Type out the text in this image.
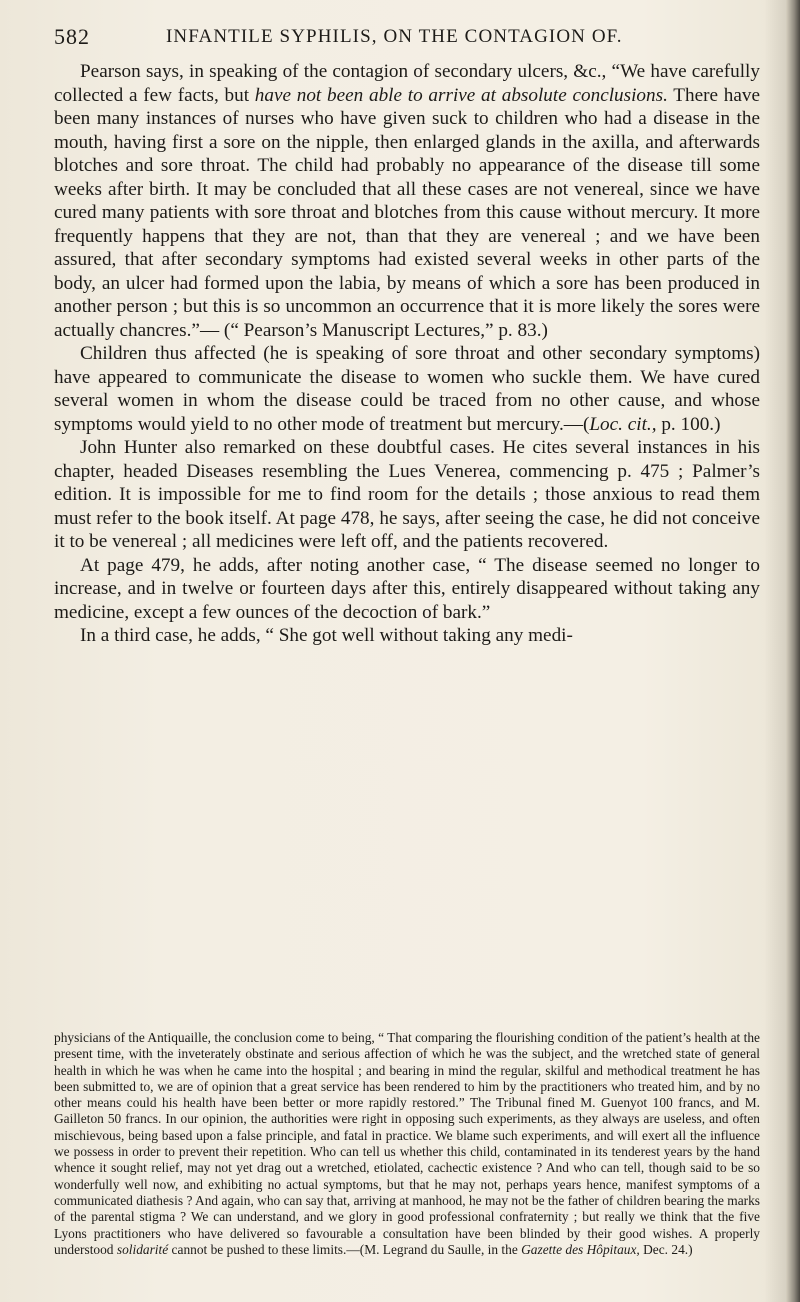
582	INFANTILE SYPHILIS, ON THE CONTAGION OF.

Pearson says, in speaking of the contagion of secondary ulcers, &c., “We have carefully collected a few facts, but have not been able to arrive at absolute conclusions. There have been many instances of nurses who have given suck to children who had a disease in the mouth, having first a sore on the nipple, then enlarged glands in the axilla, and afterwards blotches and sore throat. The child had probably no appearance of the disease till some weeks after birth. It may be concluded that all these cases are not venereal, since we have cured many patients with sore throat and blotches from this cause without mercury. It more frequently happens that they are not, than that they are venereal ; and we have been assured, that after secondary symptoms had existed several weeks in other parts of the body, an ulcer had formed upon the labia, by means of which a sore has been produced in another person ; but this is so uncommon an occurrence that it is more likely the sores were actually chancres.”— (“ Pearson’s Manuscript Lectures,” p. 83.)

Children thus affected (he is speaking of sore throat and other secondary symptoms) have appeared to communicate the disease to women who suckle them. We have cured several women in whom the disease could be traced from no other cause, and whose symptoms would yield to no other mode of treatment but mercury.—(Loc. cit., p. 100.)

John Hunter also remarked on these doubtful cases. He cites several instances in his chapter, headed Diseases resembling the Lues Venerea, commencing p. 475 ; Palmer’s edition. It is impossible for me to find room for the details ; those anxious to read them must refer to the book itself. At page 478, he says, after seeing the case, he did not conceive it to be venereal ; all medicines were left off, and the patients recovered.

At page 479, he adds, after noting another case, “ The disease seemed no longer to increase, and in twelve or fourteen days after this, entirely disappeared without taking any medicine, except a few ounces of the decoction of bark.”

In a third case, he adds, “ She got well without taking any medi-

physicians of the Antiquaille, the conclusion come to being, “ That comparing the flourishing condition of the patient’s health at the present time, with the inveterately obstinate and serious affection of which he was the subject, and the wretched state of general health in which he was when he came into the hospital ; and bearing in mind the regular, skilful and methodical treatment he has been submitted to, we are of opinion that a great service has been rendered to him by the practitioners who treated him, and by no other means could his health have been better or more rapidly restored.” The Tribunal fined M. Guenyot 100 francs, and M. Gailleton 50 francs. In our opinion, the authorities were right in opposing such experiments, as they always are useless, and often mischievous, being based upon a false principle, and fatal in practice. We blame such experiments, and will exert all the influence we possess in order to prevent their repetition. Who can tell us whether this child, contaminated in its tenderest years by the hand whence it sought relief, may not yet drag out a wretched, etiolated, cachectic existence ? And who can tell, though said to be so wonderfully well now, and exhibiting no actual symptoms, but that he may not, perhaps years hence, manifest symptoms of a communicated diathesis ? And again, who can say that, arriving at manhood, he may not be the father of children bearing the marks of the parental stigma ? We can understand, and we glory in good professional confraternity ; but really we think that the five Lyons practitioners who have delivered so favourable a consultation have been blinded by their good wishes. A properly understood solidarité cannot be pushed to these limits.—(M. Legrand du Saulle, in the Gazette des Hôpitaux, Dec. 24.)
